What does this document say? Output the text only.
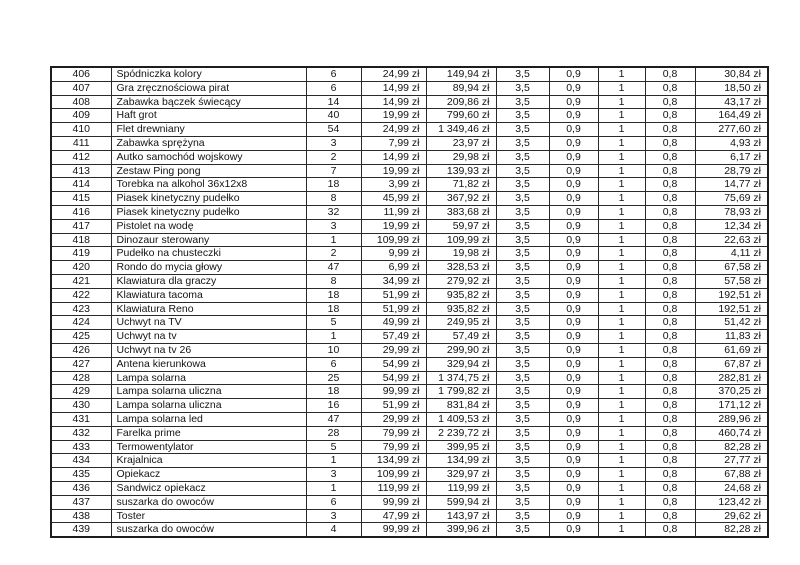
406	Spódniczka kolory	6	24,99 zł	149,94 zł	3,5	0,9	1	0,8	30,84 zł
407	Gra zręcznościowa pirat	6	14,99 zł	89,94 zł	3,5	0,9	1	0,8	18,50 zł
408	Zabawka bączek świecący	14	14,99 zł	209,86 zł	3,5	0,9	1	0,8	43,17 zł
409	Haft grot	40	19,99 zł	799,60 zł	3,5	0,9	1	0,8	164,49 zł
410	Flet drewniany	54	24,99 zł	1 349,46 zł	3,5	0,9	1	0,8	277,60 zł
411	Zabawka sprężyna	3	7,99 zł	23,97 zł	3,5	0,9	1	0,8	4,93 zł
412	Autko samochód wojskowy	2	14,99 zł	29,98 zł	3,5	0,9	1	0,8	6,17 zł
413	Zestaw Ping pong	7	19,99 zł	139,93 zł	3,5	0,9	1	0,8	28,79 zł
414	Torebka na alkohol 36x12x8	18	3,99 zł	71,82 zł	3,5	0,9	1	0,8	14,77 zł
415	Piasek kinetyczny pudełko	8	45,99 zł	367,92 zł	3,5	0,9	1	0,8	75,69 zł
416	Piasek kinetyczny pudełko	32	11,99 zł	383,68 zł	3,5	0,9	1	0,8	78,93 zł
417	Pistolet na wodę	3	19,99 zł	59,97 zł	3,5	0,9	1	0,8	12,34 zł
418	Dinozaur sterowany	1	109,99 zł	109,99 zł	3,5	0,9	1	0,8	22,63 zł
419	Pudełko na chusteczki	2	9,99 zł	19,98 zł	3,5	0,9	1	0,8	4,11 zł
420	Rondo do mycia głowy	47	6,99 zł	328,53 zł	3,5	0,9	1	0,8	67,58 zł
421	Klawiatura dla graczy	8	34,99 zł	279,92 zł	3,5	0,9	1	0,8	57,58 zł
422	Klawiatura tacoma	18	51,99 zł	935,82 zł	3,5	0,9	1	0,8	192,51 zł
423	Klawiatura Reno	18	51,99 zł	935,82 zł	3,5	0,9	1	0,8	192,51 zł
424	Uchwyt na TV	5	49,99 zł	249,95 zł	3,5	0,9	1	0,8	51,42 zł
425	Uchwyt na tv	1	57,49 zł	57,49 zł	3,5	0,9	1	0,8	11,83 zł
426	Uchwyt na tv 26	10	29,99 zł	299,90 zł	3,5	0,9	1	0,8	61,69 zł
427	Antena kierunkowa	6	54,99 zł	329,94 zł	3,5	0,9	1	0,8	67,87 zł
428	Lampa solarna	25	54,99 zł	1 374,75 zł	3,5	0,9	1	0,8	282,81 zł
429	Lampa solarna uliczna	18	99,99 zł	1 799,82 zł	3,5	0,9	1	0,8	370,25 zł
430	Lampa solarna uliczna	16	51,99 zł	831,84 zł	3,5	0,9	1	0,8	171,12 zł
431	Lampa solarna led	47	29,99 zł	1 409,53 zł	3,5	0,9	1	0,8	289,96 zł
432	Farelka prime	28	79,99 zł	2 239,72 zł	3,5	0,9	1	0,8	460,74 zł
433	Termowentylator	5	79,99 zł	399,95 zł	3,5	0,9	1	0,8	82,28 zł
434	Krajalnica	1	134,99 zł	134,99 zł	3,5	0,9	1	0,8	27,77 zł
435	Opiekacz	3	109,99 zł	329,97 zł	3,5	0,9	1	0,8	67,88 zł
436	Sandwicz opiekacz	1	119,99 zł	119,99 zł	3,5	0,9	1	0,8	24,68 zł
437	suszarka do owoców	6	99,99 zł	599,94 zł	3,5	0,9	1	0,8	123,42 zł
438	Toster	3	47,99 zł	143,97 zł	3,5	0,9	1	0,8	29,62 zł
439	suszarka do owoców	4	99,99 zł	399,96 zł	3,5	0,9	1	0,8	82,28 zł
